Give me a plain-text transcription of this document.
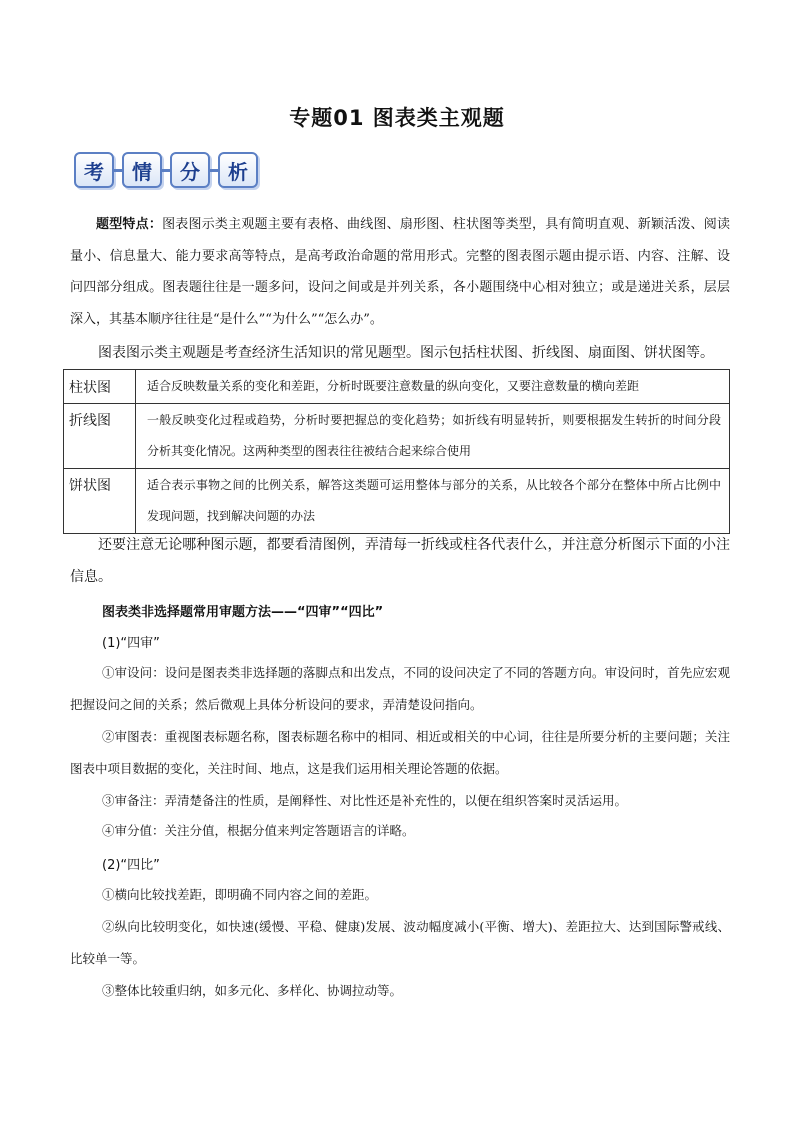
专题01 图表类主观题
考	情	分	析

题型特点：图表图示类主观题主要有表格、曲线图、扇形图、柱状图等类型，具有简明直观、新颖活泼、阅读量小、信息量大、能力要求高等特点，是高考政治命题的常用形式。完整的图表图示题由提示语、内容、注解、设问四部分组成。图表题往往是一题多问，设问之间或是并列关系，各小题围绕中心相对独立；或是递进关系，层层深入，其基本顺序往往是“是什么”“为什么”“怎么办”。

图表图示类主观题是考查经济生活知识的常见题型。图示包括柱状图、折线图、扇面图、饼状图等。

柱状图	适合反映数量关系的变化和差距，分析时既要注意数量的纵向变化，又要注意数量的横向差距
折线图	一般反映变化过程或趋势，分析时要把握总的变化趋势；如折线有明显转折，则要根据发生转折的时间分段分析其变化情况。这两种类型的图表往往被结合起来综合使用
饼状图	适合表示事物之间的比例关系，解答这类题可运用整体与部分的关系，从比较各个部分在整体中所占比例中发现问题，找到解决问题的办法

还要注意无论哪种图示题，都要看清图例，弄清每一折线或柱各代表什么，并注意分析图示下面的小注信息。

图表类非选择题常用审题方法——“四审”“四比”
(1)“四审”

①审设问：设问是图表类非选择题的落脚点和出发点，不同的设问决定了不同的答题方向。审设问时，首先应宏观把握设问之间的关系；然后微观上具体分析设问的要求，弄清楚设问指向。

②审图表：重视图表标题名称，图表标题名称中的相同、相近或相关的中心词，往往是所要分析的主要问题；关注图表中项目数据的变化，关注时间、地点，这是我们运用相关理论答题的依据。

③审备注：弄清楚备注的性质，是阐释性、对比性还是补充性的，以便在组织答案时灵活运用。

④审分值：关注分值，根据分值来判定答题语言的详略。

(2)“四比”

①横向比较找差距，即明确不同内容之间的差距。

②纵向比较明变化，如快速(缓慢、平稳、健康)发展、波动幅度减小(平衡、增大)、差距拉大、达到国际警戒线、比较单一等。

③整体比较重归纳，如多元化、多样化、协调拉动等。
